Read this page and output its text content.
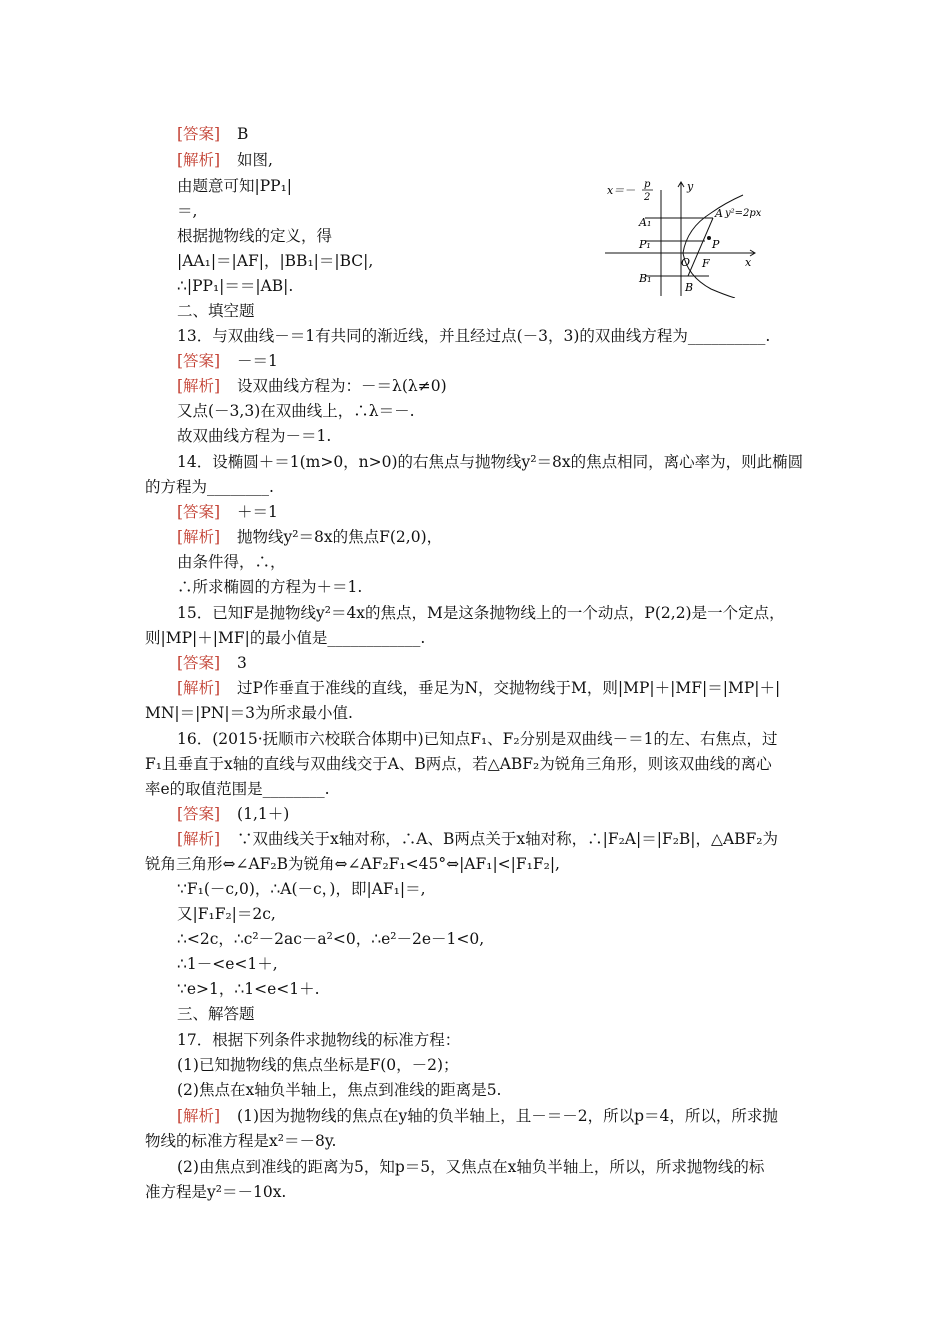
[答案] B
[解析] 如图,
由题意可知|PP₁|
＝,
根据抛物线的定义，得
|AA₁|＝|AF|，|BB₁|＝|BC|,
∴|PP₁|＝＝|AB|.
x＝－ p
2
y
x
y²=2px
A₁
A
P₁	P
O F
B₁
B
二、填空题
13．与双曲线－＝1有共同的渐近线，并且经过点(－3，3)的双曲线方程为__________.
[答案] －＝1
[解析] 设双曲线方程为：－＝λ(λ≠0)
又点(－3,3)在双曲线上，∴λ＝－.
故双曲线方程为－＝1.
14．设椭圆＋＝1(m>0，n>0)的右焦点与抛物线y²＝8x的焦点相同，离心率为，则此椭圆
的方程为________.
[答案] ＋＝1
[解析] 抛物线y²＝8x的焦点F(2,0)，
由条件得，∴，
∴所求椭圆的方程为＋＝1.
15．已知F是抛物线y²＝4x的焦点，M是这条抛物线上的一个动点，P(2,2)是一个定点，
则|MP|＋|MF|的最小值是____________.
[答案] 3
[解析] 过P作垂直于准线的直线，垂足为N，交抛物线于M，则|MP|＋|MF|＝|MP|＋|
MN|＝|PN|＝3为所求最小值.
16．(2015·抚顺市六校联合体期中)已知点F₁、F₂分别是双曲线－＝1的左、右焦点，过
F₁且垂直于x轴的直线与双曲线交于A、B两点，若△ABF₂为锐角三角形，则该双曲线的离心
率e的取值范围是________.
[答案] (1,1＋)
[解析] ∵双曲线关于x轴对称，∴A、B两点关于x轴对称，∴|F₂A|＝|F₂B|，△ABF₂为
锐角三角形⇔∠AF₂B为锐角⇔∠AF₂F₁<45°⇔|AF₁|<|F₁F₂|,
∵F₁(－c,0)，∴A(－c，)，即|AF₁|＝,
又|F₁F₂|＝2c,
∴<2c，∴c²－2ac－a²<0，∴e²－2e－1<0,
∴1－<e<1＋,
∵e>1，∴1<e<1＋.
三、解答题
17．根据下列条件求抛物线的标准方程：
(1)已知抛物线的焦点坐标是F(0，－2)；
(2)焦点在x轴负半轴上，焦点到准线的距离是5.
[解析] (1)因为抛物线的焦点在y轴的负半轴上，且－＝－2，所以p＝4，所以，所求抛
物线的标准方程是x²＝－8y.
(2)由焦点到准线的距离为5，知p＝5，又焦点在x轴负半轴上，所以，所求抛物线的标
准方程是y²＝－10x.
